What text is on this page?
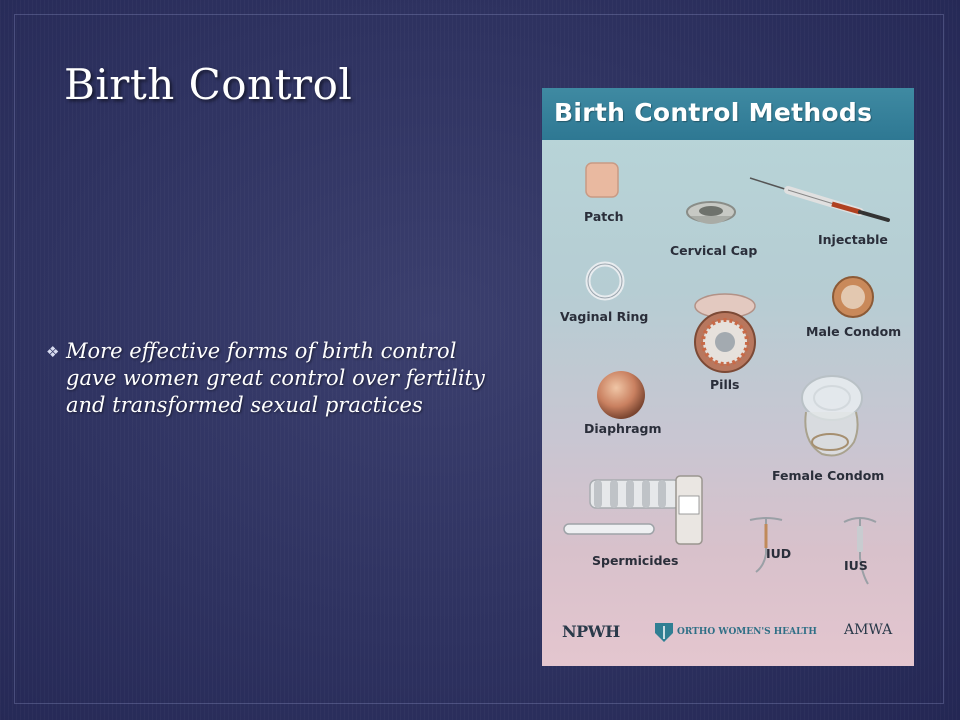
Birth Control
❖ More effective forms of birth control gave women great control over fertility and transformed sexual practices

Birth Control Methods
Patch
Cervical Cap
Injectable
Vaginal Ring
Male Condom
Pills
Diaphragm
Female Condom
Spermicides	IUD
IUS
NPWH	ORTHO WOMEN'S HEALTH AMWA
